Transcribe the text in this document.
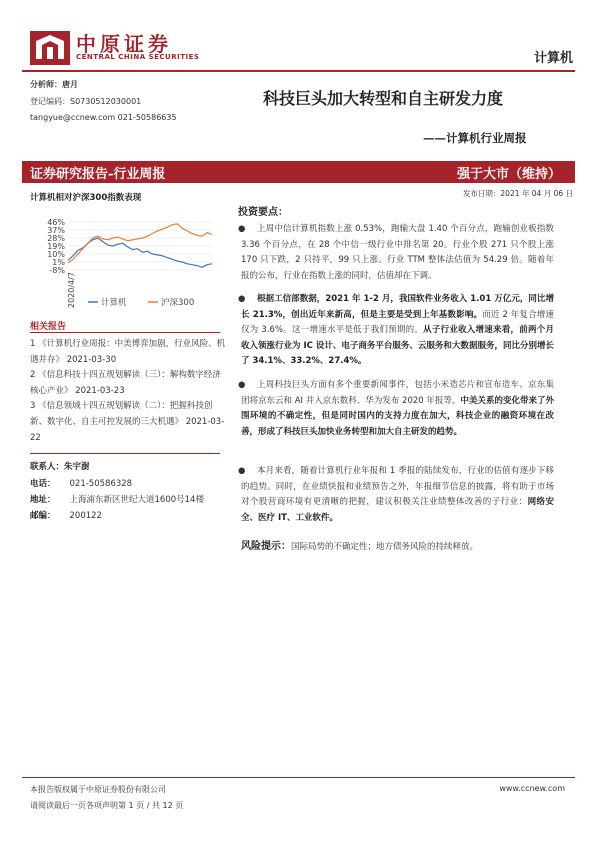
中原证券
CENTRAL CHINA SECURITIES	计算机
分析师：唐月
登记编码：S0730512030001
tangyue@ccnew.com 021-50586635
科技巨头加大转型和自主研发力度
——计算机行业周报
证券研究报告-行业周报	强于大市（维持）
发布日期：2021 年 04 月 06 日
计算机相对沪深300指数表现
46%
37%
28%
19%
10%
1%
-8%
2020/4/7	计算机	沪深300
相关报告
1 《计算机行业周报：中美博弈加剧，行业风险、机遇并存》 2021-03-30
2 《信息科技十四五规划解读（三）：解构数字经济核心产业》 2021-03-23
3 《信息领域十四五规划解读（二）：把握科技创新、数字化、自主可控发展的三大机遇》 2021-03-22
联系人：朱宇澍
电话： 021-50586328
地址： 上海浦东新区世纪大道1600号14楼
邮编： 200122
投资要点：
● 上周中信计算机指数上涨 0.53%，跑输大盘 1.40 个百分点，跑输创业板指数 3.36 个百分点，在 28 个中信一级行业中排名第 20。行业个股 271 只个股上涨 170 只下跌，2 只持平，99 只上涨。行业 TTM 整体法估值为 54.29 倍。随着年报的公布，行业在指数上涨的同时，估值却在下调。
● 根据工信部数据，2021 年 1-2 月，我国软件业务收入 1.01 万亿元，同比增长 21.3%，创出近年来新高，但是主要是受到上年基数影响。而近 2 年复合增速仅为 3.6%。这一增速水平是低于我们预期的。从子行业收入增速来看，前两个月收入领涨行业为 IC 设计、电子商务平台服务、云服务和大数据服务，同比分别增长了 34.1%、33.2%、27.4%。
● 上周科技巨头方面有多个重要新闻事件，包括小米造芯片和宣布造车、京东集团将京东云和 AI 并入京东数科、华为发布 2020 年报等。中美关系的变化带来了外围环境的不确定性，但是同时国内的支持力度在加大，科技企业的融资环境在改善，形成了科技巨头加快业务转型和加大自主研发的趋势。
● 本月来看，随着计算机行业年报和 1 季报的陆续发布，行业的估值有逐步下移的趋势。同时，在业绩快报和业绩预告之外，年报细节信息的披露，将有助于市场对个股营商环境有更清晰的把握，建议积极关注业绩整体改善的子行业：网络安全、医疗 IT、工业软件。
风险提示：国际局势的不确定性；地方债务风险的持续释放。
本报告版权属于中原证券股份有限公司	www.ccnew.com
请阅读最后一页各项声明第 1 页 / 共 12 页
